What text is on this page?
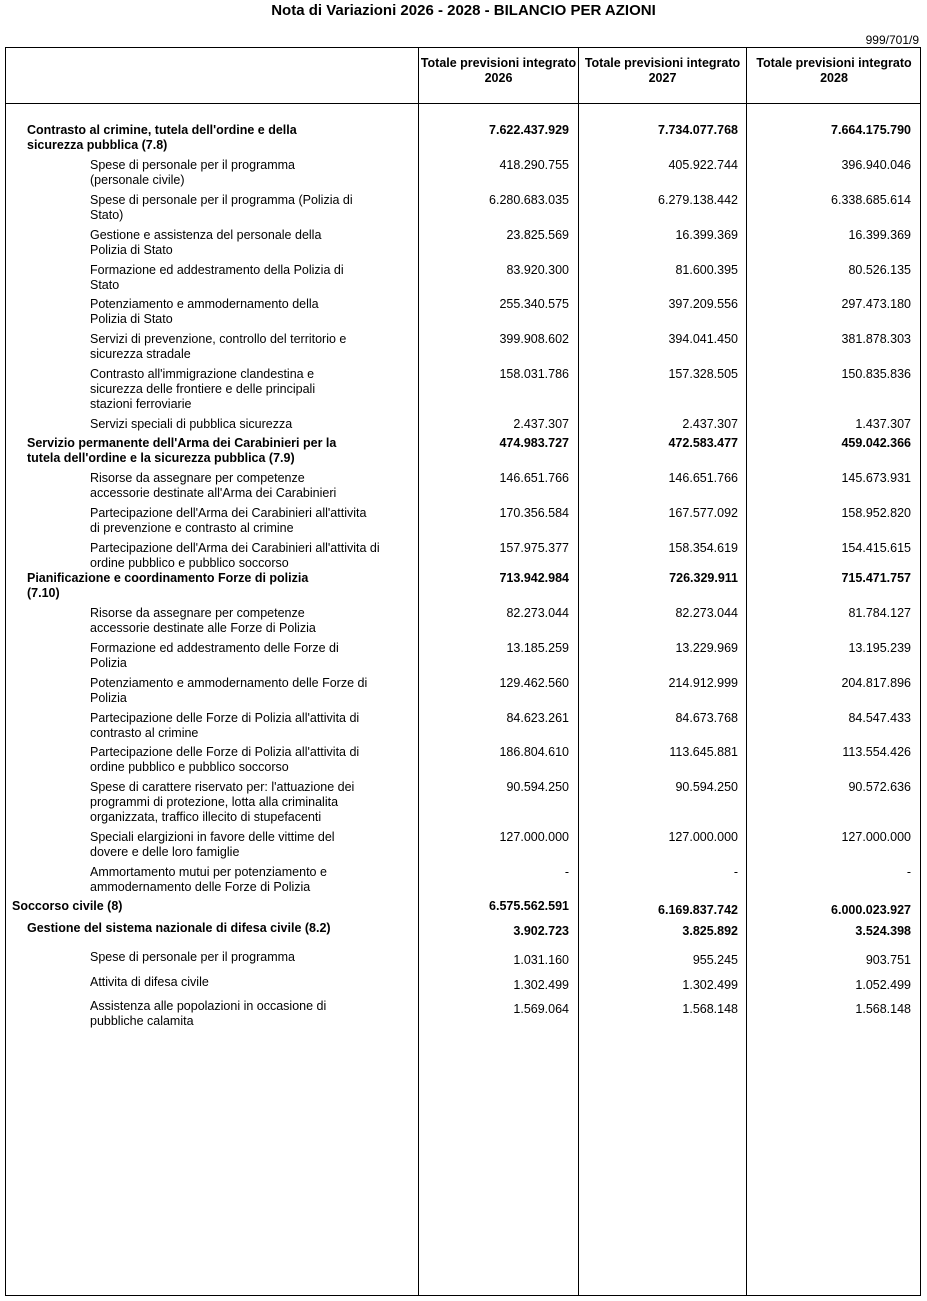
Nota di Variazioni 2026 - 2028 - BILANCIO PER AZIONI
999/701/9
Totale previsioni integrato 2026
Totale previsioni integrato 2027
Totale previsioni integrato 2028
Contrasto al crimine, tutela dell'ordine e della sicurezza pubblica (7.8)
7.622.437.929	7.734.077.768	7.664.175.790
Spese di personale per il programma (personale civile)
418.290.755	405.922.744	396.940.046
Spese di personale per il programma (Polizia di Stato)
6.280.683.035	6.279.138.442	6.338.685.614
Gestione e assistenza del personale della Polizia di Stato
23.825.569	16.399.369	16.399.369
Formazione ed addestramento della Polizia di Stato
83.920.300	81.600.395	80.526.135
Potenziamento e ammodernamento della Polizia di Stato
255.340.575	397.209.556	297.473.180
Servizi di prevenzione, controllo del territorio e sicurezza stradale
399.908.602	394.041.450	381.878.303
Contrasto all'immigrazione clandestina e sicurezza delle frontiere e delle principali stazioni ferroviarie
158.031.786	157.328.505	150.835.836
Servizi speciali di pubblica sicurezza	2.437.307	2.437.307	1.437.307
Servizio permanente dell'Arma dei Carabinieri per la tutela dell'ordine e la sicurezza pubblica (7.9)
474.983.727	472.583.477	459.042.366
Risorse da assegnare per competenze accessorie destinate all'Arma dei Carabinieri
146.651.766	146.651.766	145.673.931
Partecipazione dell'Arma dei Carabinieri all'attivita di prevenzione e contrasto al crimine
170.356.584	167.577.092	158.952.820
Partecipazione dell'Arma dei Carabinieri all'attivita di ordine pubblico e pubblico soccorso
157.975.377	158.354.619	154.415.615
Pianificazione e coordinamento Forze di polizia (7.10)
713.942.984	726.329.911	715.471.757
Risorse da assegnare per competenze accessorie destinate alle Forze di Polizia
82.273.044	82.273.044	81.784.127
Formazione ed addestramento delle Forze di Polizia
13.185.259	13.229.969	13.195.239
Potenziamento e ammodernamento delle Forze di Polizia
129.462.560	214.912.999	204.817.896
Partecipazione delle Forze di Polizia all'attivita di contrasto al crimine
84.623.261	84.673.768	84.547.433
Partecipazione delle Forze di Polizia all'attivita di ordine pubblico e pubblico soccorso
186.804.610	113.645.881	113.554.426
Spese di carattere riservato per: l'attuazione dei programmi di protezione, lotta alla criminalita organizzata, traffico illecito di stupefacenti
90.594.250	90.594.250	90.572.636
Speciali elargizioni in favore delle vittime del dovere e delle loro famiglie
127.000.000	127.000.000	127.000.000
Ammortamento mutui per potenziamento e ammodernamento delle Forze di Polizia
-	-	-
Soccorso civile (8)	6.575.562.591	6.169.837.742	6.000.023.927
Gestione del sistema nazionale di difesa civile (8.2)	3.902.723	3.825.892	3.524.398
Spese di personale per il programma	1.031.160	955.245	903.751
Attivita di difesa civile	1.302.499	1.302.499	1.052.499
Assistenza alle popolazioni in occasione di pubbliche calamita
1.569.064	1.568.148	1.568.148
